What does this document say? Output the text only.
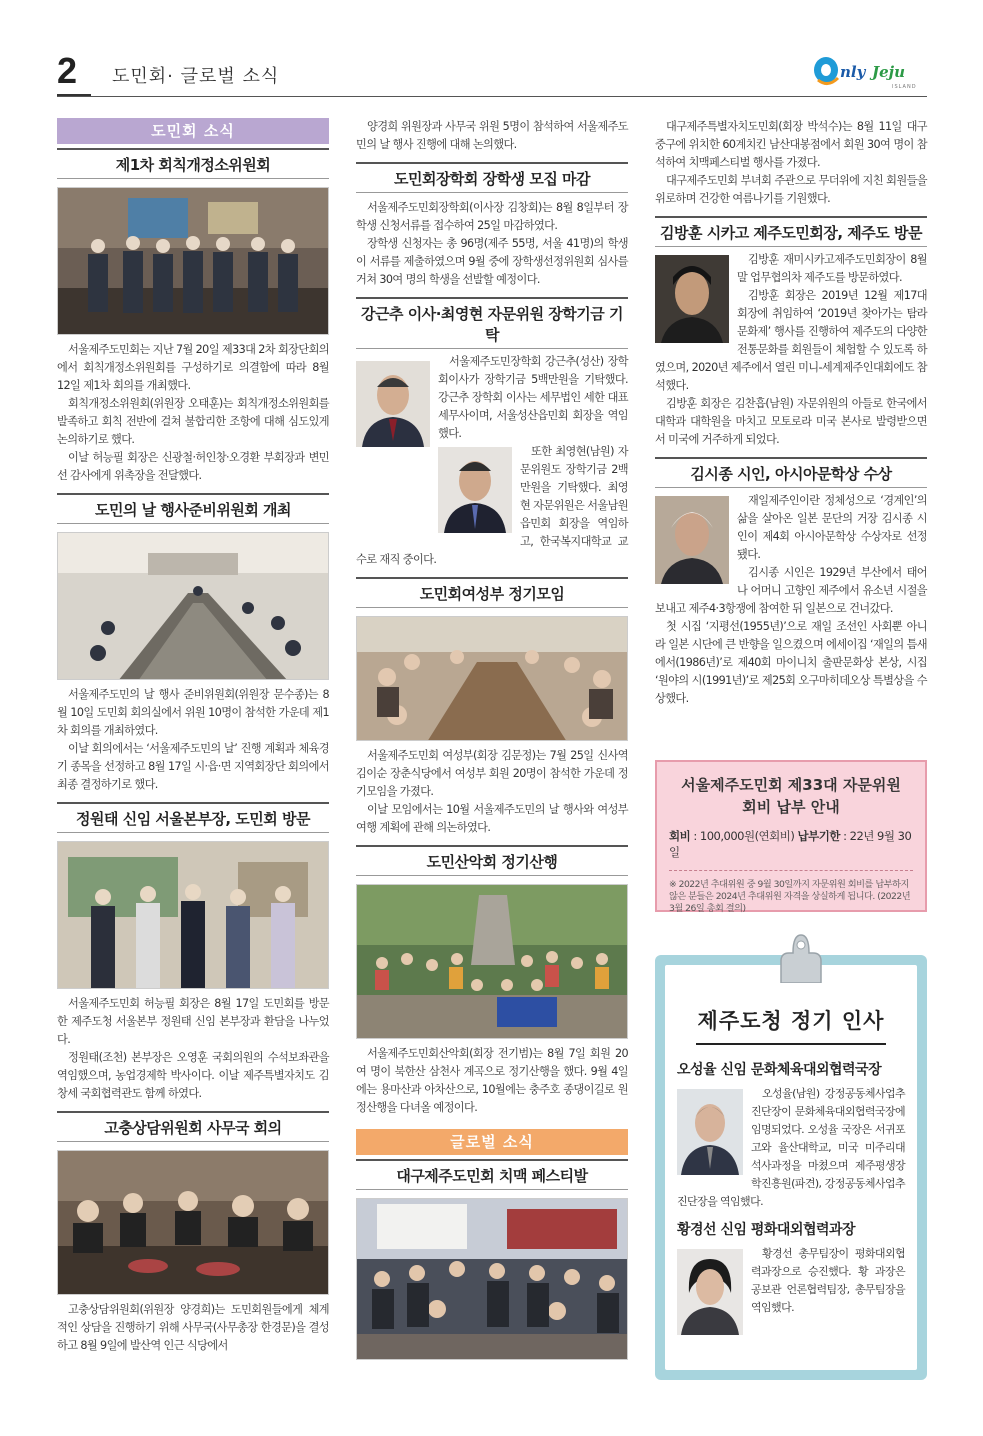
2 도민회· 글로벌 소식	nly Jeju
ISLAND
도민회 소식
제1차 회칙개정소위원회

서울제주도민회는 지난 7월 20일 제33대 2차 회장단회의에서 회칙개정소위원회를 구성하기로 의결함에 따라 8월 12일 제1차 회의를 개최했다.

회칙개정소위원회(위원장 오태훈)는 회칙개정소위원회를 발족하고 회칙 전반에 걸쳐 불합리한 조항에 대해 심도있게 논의하기로 했다.

이날 허능필 회장은 신광철·허인창·오경환 부회장과 변민선 감사에게 위촉장을 전달했다.

도민의 날 행사준비위원회 개최

서울제주도민의 날 행사 준비위원회(위원장 문수종)는 8월 10일 도민회 회의실에서 위원 10명이 참석한 가운데 제1차 회의를 개최하였다.

이날 회의에서는 ‘서울제주도민의 날’ 진행 계획과 체육경기 종목을 선정하고 8월 17일 시·읍·면 지역회장단 회의에서 최종 결정하기로 했다.

정원태 신임 서울본부장, 도민회 방문

서울제주도민회 허능필 회장은 8월 17일 도민회를 방문한 제주도청 서울본부 정원태 신임 본부장과 환담을 나누었다.

정원태(조천) 본부장은 오영훈 국회의원의 수석보좌관을 역임했으며, 농업경제학 박사이다. 이날 제주특별자치도 김창세 국회협력관도 함께 하였다.

고충상담위원회 사무국 회의

고충상담위원회(위원장 양경희)는 도민회원들에게 체계적인 상담을 진행하기 위해 사무국(사무총장 한경문)을 결성하고 8월 9일에 발산역 인근 식당에서

양경희 위원장과 사무국 위원 5명이 참석하여 서울제주도민의 날 행사 진행에 대해 논의했다.

도민회장학회 장학생 모집 마감

서울제주도민회장학회(이사장 김창회)는 8월 8일부터 장학생 신청서류를 접수하여 25일 마감하였다.

장학생 신청자는 총 96명(제주 55명, 서울 41명)의 학생이 서류를 제출하였으며 9월 중에 장학생선정위원회 심사를 거쳐 30여 명의 학생을 선발할 예정이다.

강근추 이사·최영현 자문위원 장학기금 기탁

서울제주도민장학회 강근추(성산) 장학회이사가 장학기금 5백만원을 기탁했다. 강근추 장학회 이사는 세무법인 세한 대표세무사이며, 서울성산읍민회 회장을 역임했다.

또한 최영현(남원) 자문위원도 장학기금 2백만원을 기탁했다. 최영현 자문위원은 서울남원읍민회 회장을 역임하고, 한국복지대학교 교수로 재직 중이다.

도민회여성부 정기모임

서울제주도민회 여성부(회장 김문정)는 7월 25일 신사역 김이순 장춘식당에서 여성부 회원 20명이 참석한 가운데 정기모임을 가졌다.

이날 모임에서는 10월 서울제주도민의 날 행사와 여성부 여행 계획에 관해 의논하였다.

도민산악회 정기산행

서울제주도민회산악회(회장 전기범)는 8월 7일 회원 20여 명이 북한산 삼천사 계곡으로 정기산행을 했다. 9월 4일에는 용마산과 아차산으로, 10월에는 충주호 종댕이길로 원정산행을 다녀올 예정이다.

글로벌 소식
대구제주도민회 치맥 페스티발

대구제주특별자치도민회(회장 박석수)는 8월 11일 대구 중구에 위치한 60계치킨 남산대봉점에서 회원 30여 명이 참석하여 치맥페스티벌 행사를 가졌다.

대구제주도민회 부녀회 주관으로 무더위에 지친 회원들을 위로하며 건강한 여름나기를 기원했다.

김방훈 시카고 제주도민회장, 제주도 방문

김방훈 재미시카고제주도민회장이 8월말 업무협의차 제주도를 방문하였다.

김방훈 회장은 2019년 12월 제17대 회장에 취임하여 ‘2019년 찾아가는 탐라문화제’ 행사를 진행하여 제주도의 다양한 전통문화를 회원들이 체험할 수 있도록 하였으며, 2020년 제주에서 열린 미니-세계제주인대회에도 참석했다.

김방훈 회장은 김찬흡(남원) 자문위원의 아들로 한국에서 대학과 대학원을 마치고 모토로라 미국 본사로 발령받으면서 미국에 거주하게 되었다.

김시종 시인, 아시아문학상 수상

재일제주인이란 정체성으로 ‘경계인’의 삶을 살아온 일본 문단의 거장 김시종 시인이 제4회 아시아문학상 수상자로 선정됐다.

김시종 시인은 1929년 부산에서 태어나 어머니 고향인 제주에서 유소년 시절을 보내고 제주4·3항쟁에 참여한 뒤 일본으로 건너갔다.

첫 시집 ‘지평선(1955년)’으로 재일 조선인 사회뿐 아니라 일본 시단에 큰 반향을 일으켰으며 에세이집 ‘재일의 틈새에서(1986년)’로 제40회 마이니치 출판문화상 본상, 시집 ‘원야의 시(1991년)’로 제25회 오구마히데오상 특별상을 수상했다.

서울제주도민회 제33대 자문위원
회비 납부 안내
회비 : 100,000원(연회비) 납부기한 : 22년 9월 30일
※ 2022년 추대위원 중 9월 30일까지 자문위원 회비를 납부하지 않은 분들은 2024년 추대위원 자격을 상실하게 됩니다. (2022년 3월 26일 총회 결의)
제주도청 정기 인사
오성율 신임 문화체육대외협력국장

오성율(남원) 강정공동체사업추진단장이 문화체육대외협력국장에 임명되었다. 오성율 국장은 서귀포고와 율산대학교, 미국 미주리대 석사과정을 마쳤으며 제주평생장학진흥원(파견), 강정공동체사업추진단장을 역임했다.

황경선 신임 평화대외협력과장

황경선 총무팀장이 평화대외협력과장으로 승진했다. 황 과장은 공보관 언론협력팀장, 총무팀장을 역임했다.
